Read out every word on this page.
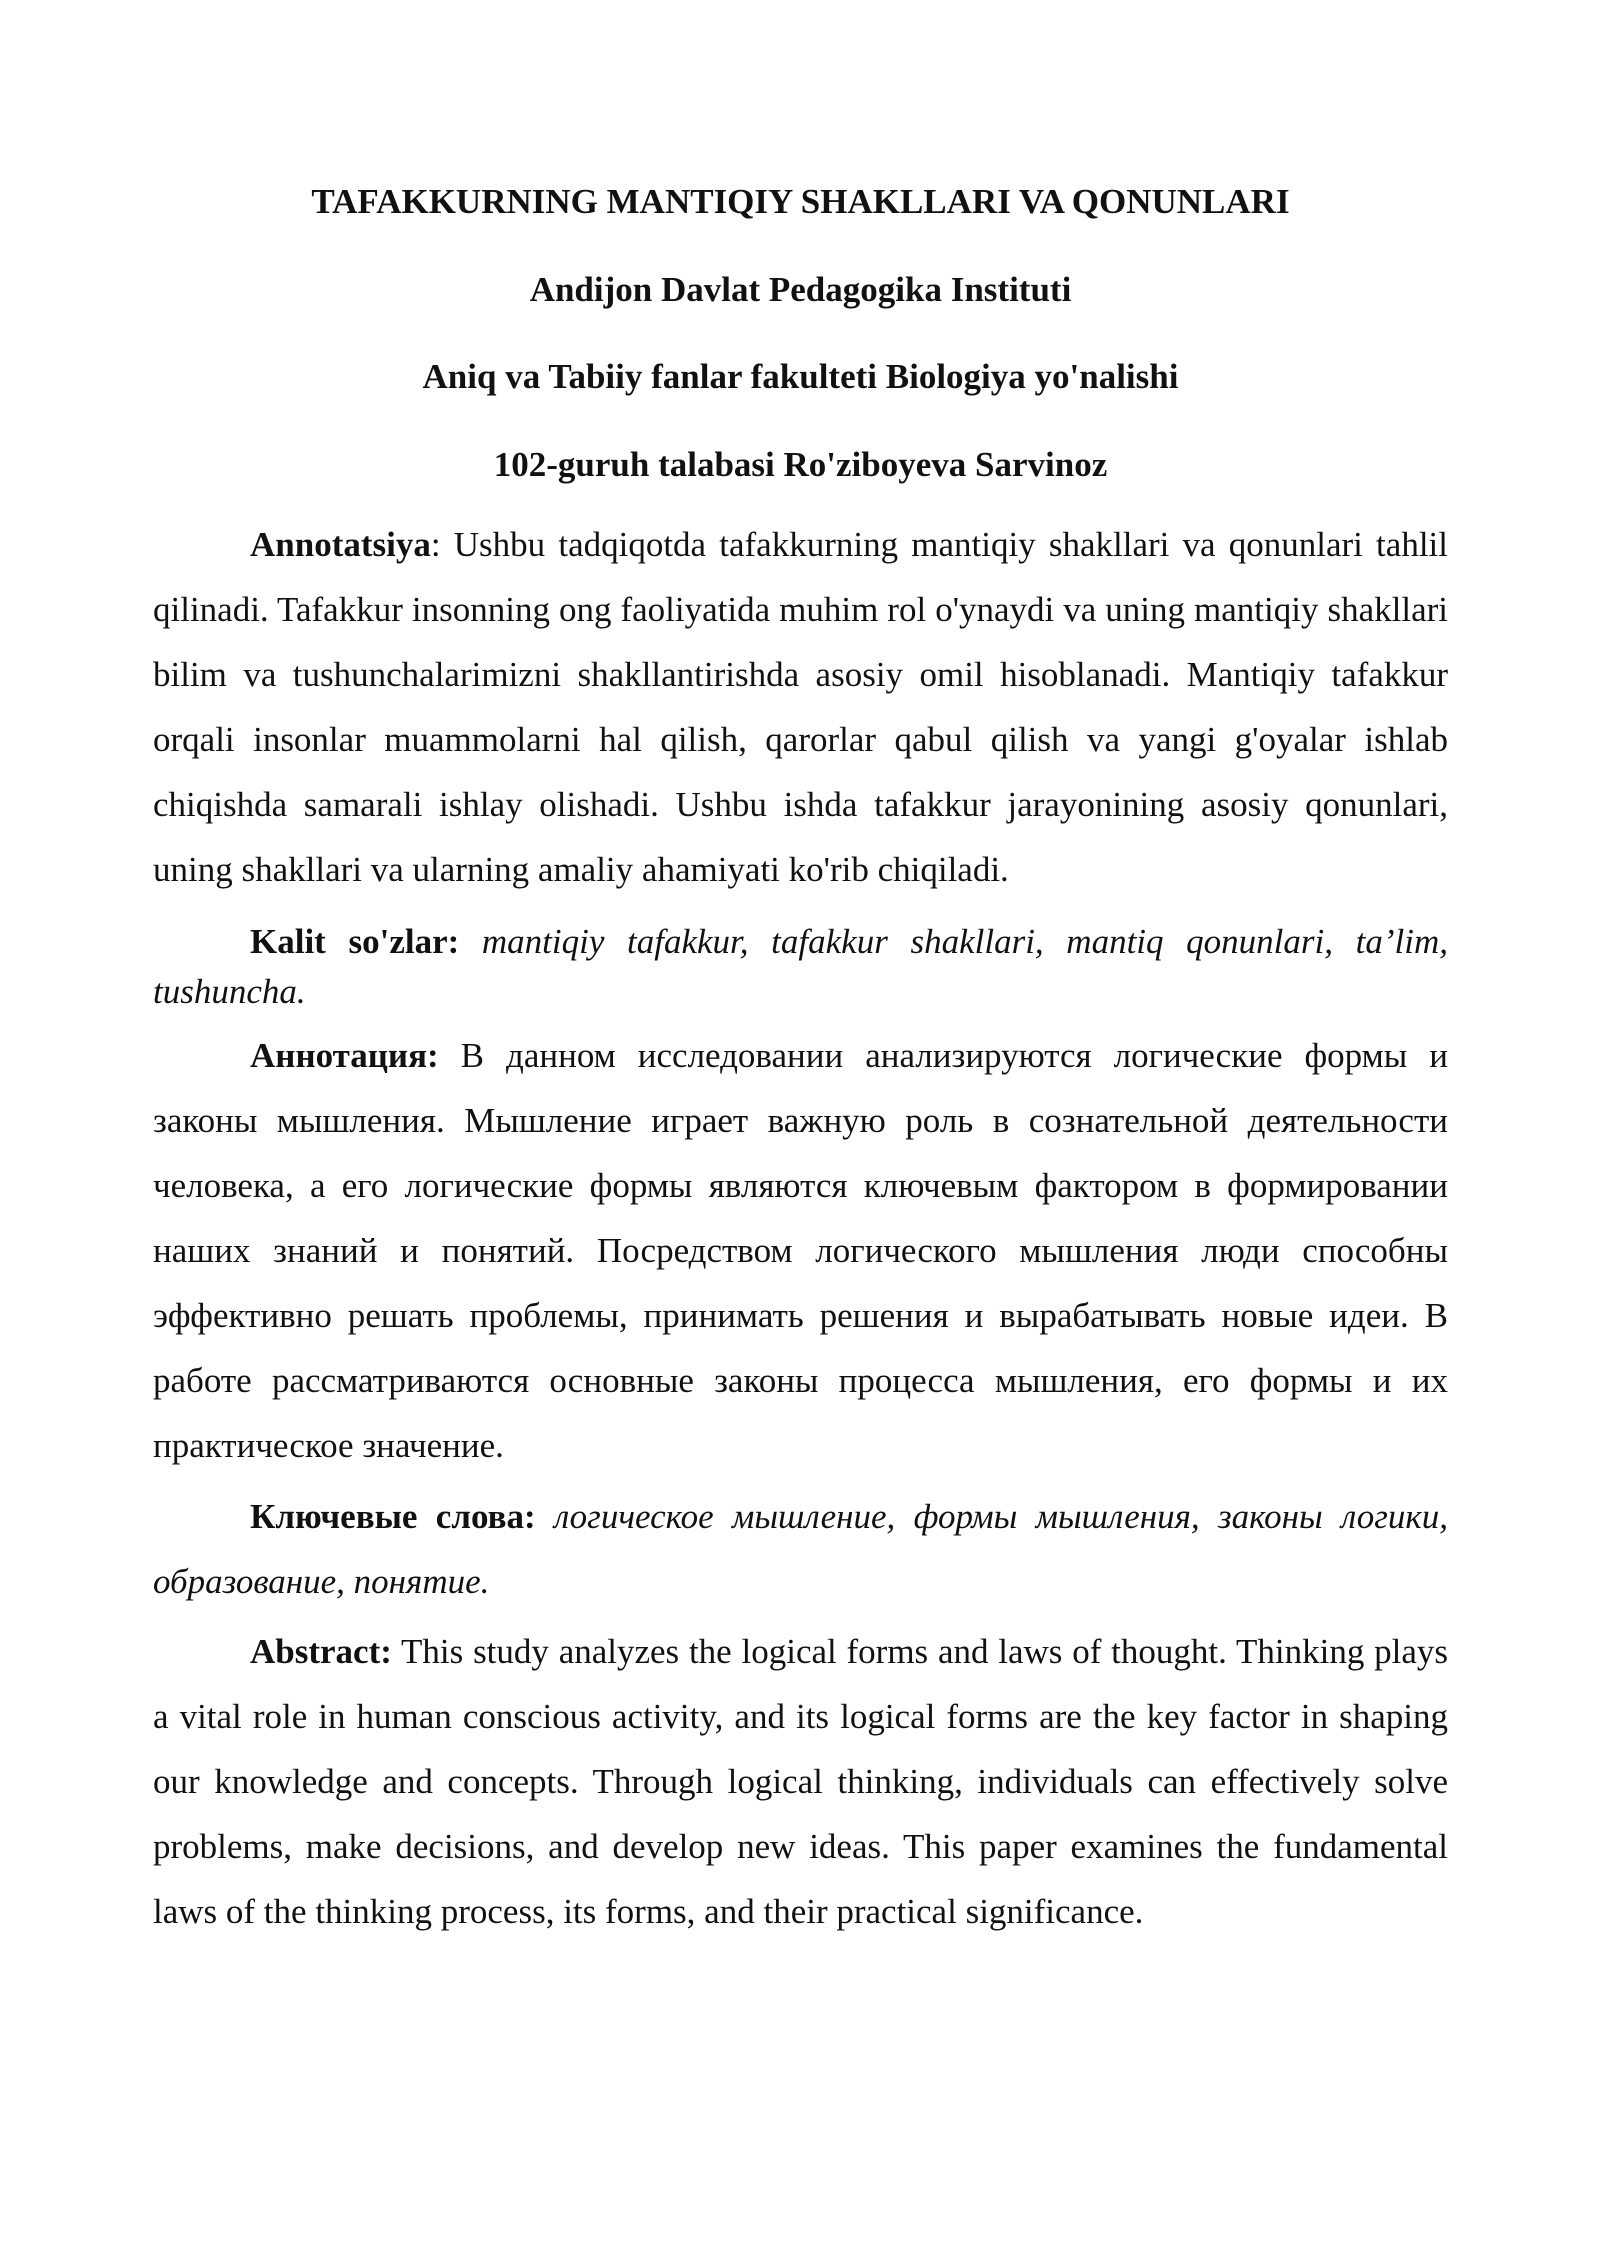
TAFAKKURNING MANTIQIY SHAKLLARI VA QONUNLARI

Andijon Davlat Pedagogika Instituti

Aniq va Tabiiy fanlar fakulteti Biologiya yo'nalishi

102-guruh talabasi Ro'ziboyeva Sarvinoz

Annotatsiya: Ushbu tadqiqotda tafakkurning mantiqiy shakllari va qonunlari tahlil qilinadi. Tafakkur insonning ong faoliyatida muhim rol o'ynaydi va uning mantiqiy shakllari bilim va tushunchalarimizni shakllantirishda asosiy omil hisoblanadi. Mantiqiy tafakkur orqali insonlar muammolarni hal qilish, qarorlar qabul qilish va yangi g'oyalar ishlab chiqishda samarali ishlay olishadi. Ushbu ishda tafakkur jarayonining asosiy qonunlari, uning shakllari va ularning amaliy ahamiyati ko'rib chiqiladi.

Kalit so'zlar: mantiqiy tafakkur, tafakkur shakllari, mantiq qonunlari, ta’lim, tushuncha.

Аннотация: В данном исследовании анализируются логические формы и законы мышления. Мышление играет важную роль в сознательной деятельности человека, а его логические формы являются ключевым фактором в формировании наших знаний и понятий. Посредством логического мышления люди способны эффективно решать проблемы, принимать решения и вырабатывать новые идеи. В работе рассматриваются основные законы процесса мышления, его формы и их практическое значение.

Ключевые слова: логическое мышление, формы мышления, законы логики, образование, понятие.

Abstract: This study analyzes the logical forms and laws of thought. Thinking plays a vital role in human conscious activity, and its logical forms are the key factor in shaping our knowledge and concepts. Through logical thinking, individuals can effectively solve problems, make decisions, and develop new ideas. This paper examines the fundamental laws of the thinking process, its forms, and their practical significance.
